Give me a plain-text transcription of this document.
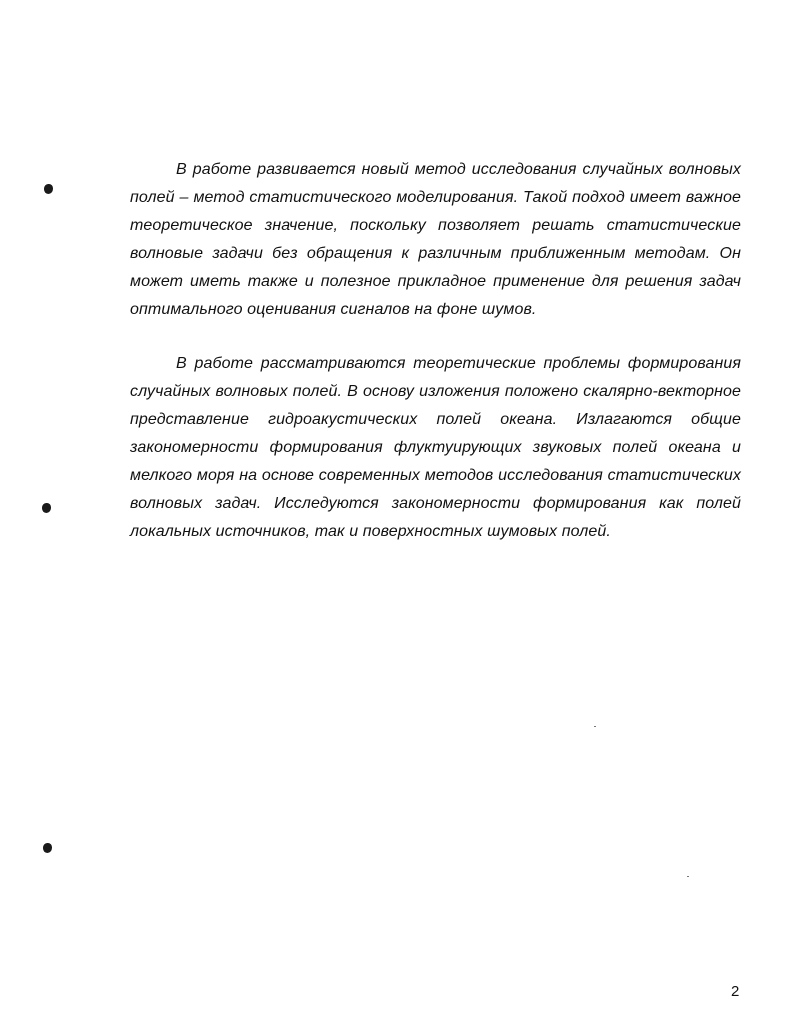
В работе развивается новый метод исследования случайных волновых полей – метод статистического моделирования. Такой подход имеет важное теоретическое значение, поскольку позволяет решать статистические волновые задачи без обращения к различным приближенным методам. Он может иметь также и полезное прикладное применение для решения задач оптимального оценивания сигналов на фоне шумов.

В работе рассматриваются теоретические проблемы формирования случайных волновых полей. В основу изложения положено скалярно-векторное представление гидроакустических полей океана. Излагаются общие закономерности формирования флуктуирующих звуковых полей океана и мелкого моря на основе современных методов исследования статистических волновых задач. Исследуются закономерности формирования как полей локальных источников, так и поверхностных шумовых полей.

2
